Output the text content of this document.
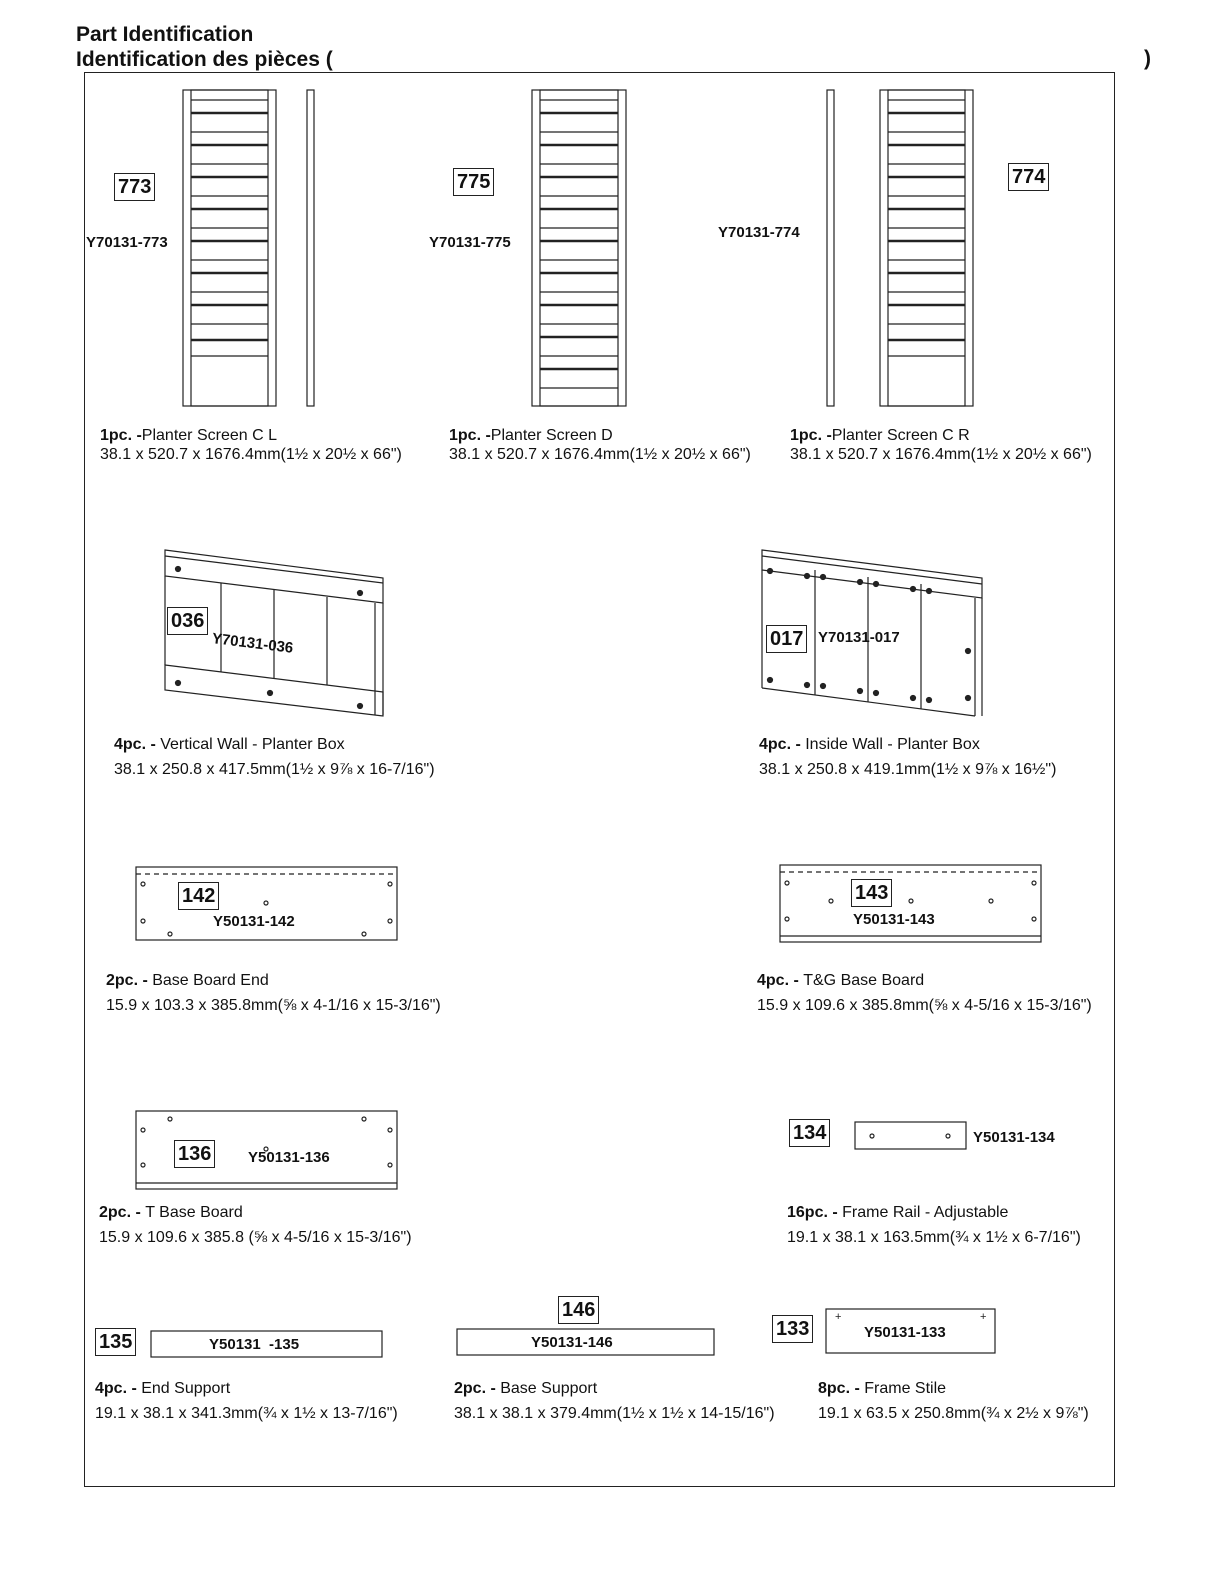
Part Identification
Identification des pièces (	)
+	+
773	775	774
036
017
142	143
136
134
135
146
133
Y70131-773	Y70131-775
Y70131-774
Y70131-036	Y70131-017
Y50131-142	Y50131-143
Y50131-136
Y50131-134
Y50131  -135	Y50131-146
Y50131-133
1pc. -Planter Screen C L
38.1 x 520.7 x 1676.4mm(1½ x 20½ x 66")
1pc. -Planter Screen D
38.1 x 520.7 x 1676.4mm(1½ x 20½ x 66")
1pc. -Planter Screen C R
38.1 x 520.7 x 1676.4mm(1½ x 20½ x 66")
4pc. - Vertical Wall - Planter Box
38.1 x 250.8 x 417.5mm(1½ x 9⅞ x 16-7/16")
4pc. - Inside Wall - Planter Box
38.1 x 250.8 x 419.1mm(1½ x 9⅞ x 16½")
2pc. - Base Board End
15.9 x 103.3 x 385.8mm(⅝ x 4-1/16 x 15-3/16")
4pc. - T&G Base Board
15.9 x 109.6 x 385.8mm(⅝ x 4-5/16 x 15-3/16")
2pc. - T Base Board
15.9 x 109.6 x 385.8 (⅝ x 4-5/16 x 15-3/16")
16pc. - Frame Rail - Adjustable
19.1 x 38.1 x 163.5mm(¾ x 1½ x 6-7/16")
4pc. - End Support
19.1 x 38.1 x 341.3mm(¾ x 1½ x 13-7/16")
2pc. - Base Support
38.1 x 38.1 x 379.4mm(1½ x 1½ x 14-15/16")
8pc. - Frame Stile
19.1 x 63.5 x 250.8mm(¾ x 2½ x 9⅞")
